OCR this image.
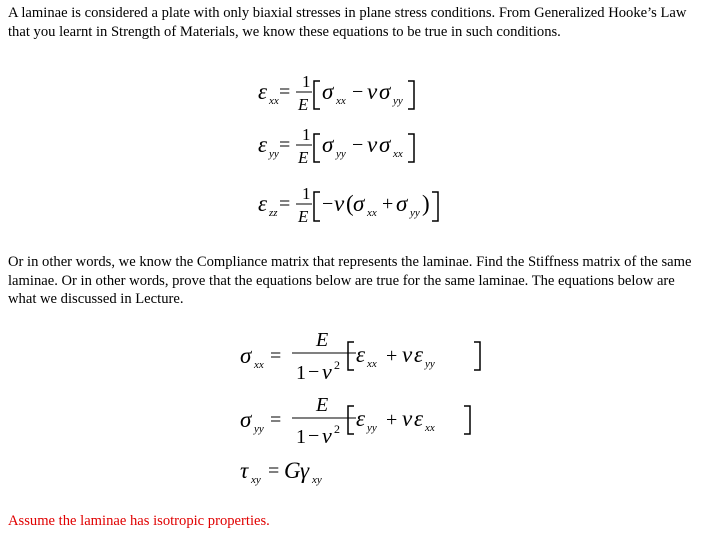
A laminae is considered a plate with only biaxial stresses in plane stress conditions. From Generalized Hooke’s Law that you learnt in Strength of Materials, we know these equations to be true in such conditions.

ε xx = 1
E
σ xx − ν σ yy
ε yy = 1
E
σ yy − ν σ xx
ε zz = 1
E
− ν ( σ xx + σ yy )

Or in other words, we know the Compliance matrix that represents the laminae. Find the Stiffness matrix of the same laminae. Or in other words, prove that the equations below are true for the same laminae. The equations below are what we discussed in Lecture.

σ xx =
E
1 − ν 2 ε xx + ν ε yy
σ yy =
E
1 − ν 2 ε yy + ν ε xx
τ xy = G γ xy

Assume the laminae has isotropic properties.
